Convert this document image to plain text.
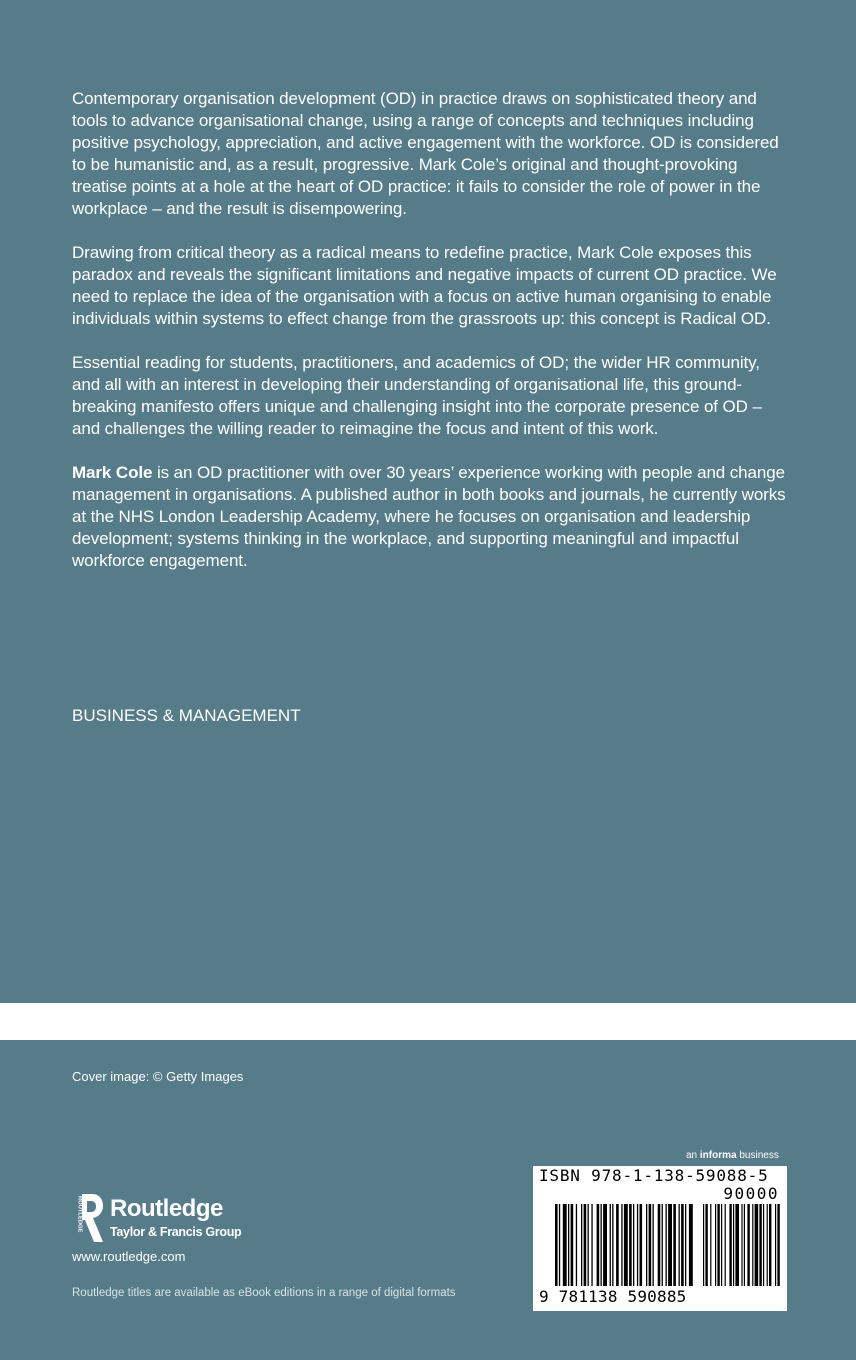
Contemporary organisation development (OD) in practice draws on sophisticated theory and tools to advance organisational change, using a range of concepts and techniques including positive psychology, appreciation, and active engagement with the workforce. OD is considered to be humanistic and, as a result, progressive. Mark Cole’s original and thought-provoking treatise points at a hole at the heart of OD practice: it fails to consider the role of power in the workplace – and the result is disempowering.

Drawing from critical theory as a radical means to redefine practice, Mark Cole exposes this paradox and reveals the significant limitations and negative impacts of current OD practice. We need to replace the idea of the organisation with a focus on active human organising to enable individuals within systems to effect change from the grassroots up: this concept is Radical OD.

Essential reading for students, practitioners, and academics of OD; the wider HR community, and all with an interest in developing their understanding of organisational life, this ground-breaking manifesto offers unique and challenging insight into the corporate presence of OD – and challenges the willing reader to reimagine the focus and intent of this work.

Mark Cole is an OD practitioner with over 30 years’ experience working with people and change management in organisations. A published author in both books and journals, he currently works at the NHS London Leadership Academy, where he focuses on organisation and leadership development; systems thinking in the workplace, and supporting meaningful and impactful workforce engagement.

BUSINESS & MANAGEMENT
Cover image: © Getty Images
ROUTLEDGE Routledge
Taylor & Francis Group
www.routledge.com
Routledge titles are available as eBook editions in a range of digital formats
an informa business
ISBN 978-1-138-59088-5
90000
9 781138 590885
